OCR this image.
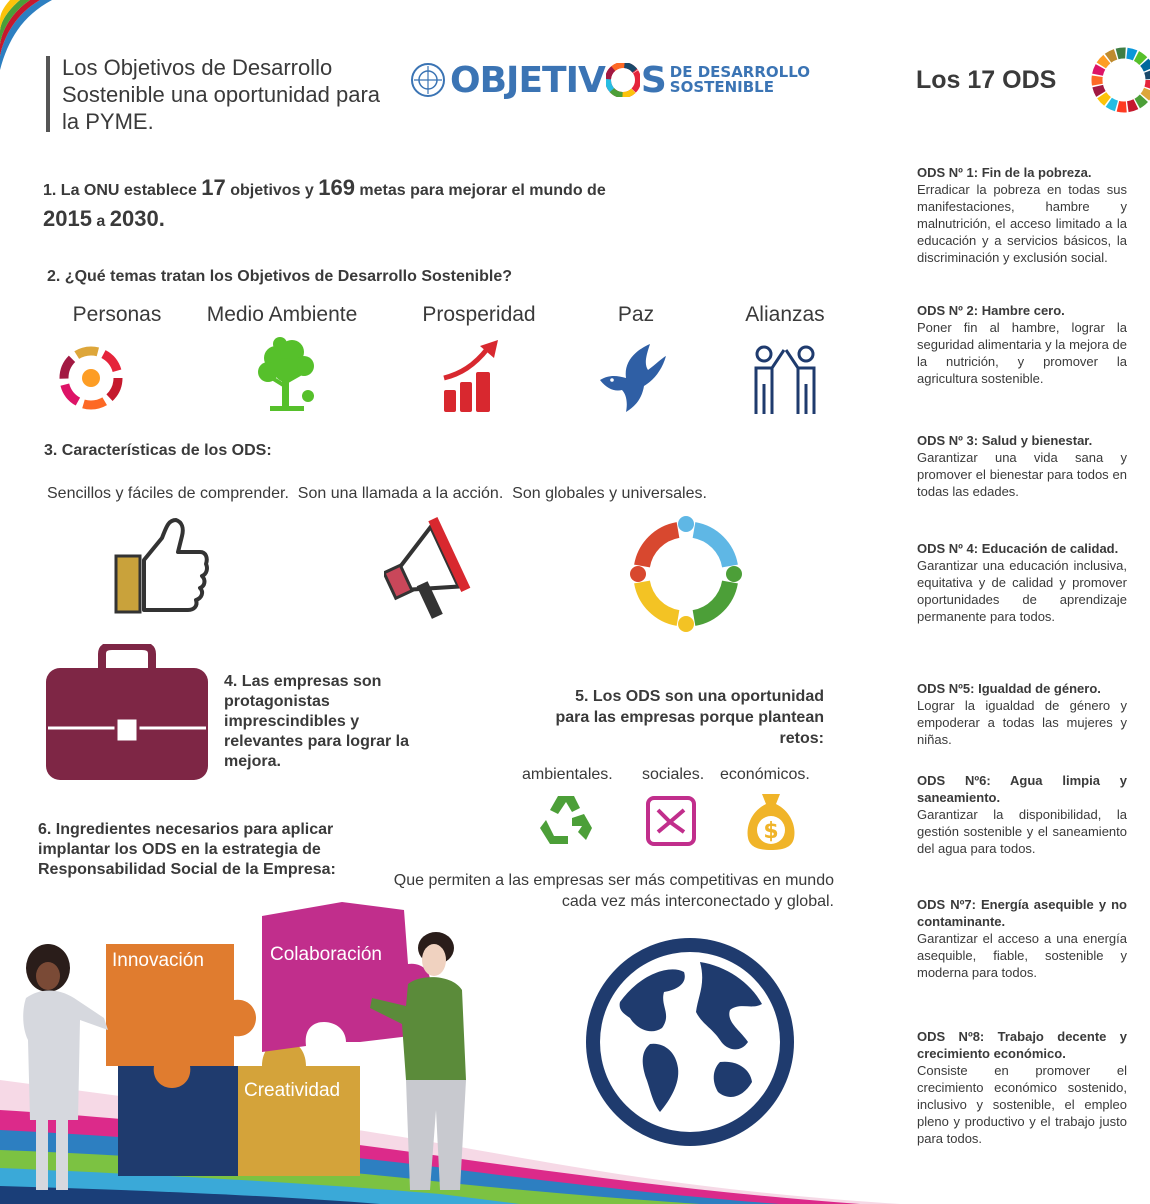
Los Objetivos de Desarrollo Sostenible una oportunidad para la PYME.
OBJETIV S DE DESARROLLO
SOSTENIBLE	Los 17 ODS
1. La ONU establece 17 objetivos y 169 metas para mejorar el mundo de
2015 a 2030.
2. ¿Qué temas tratan los Objetivos de Desarrollo Sostenible?
Personas	Medio Ambiente	Prosperidad	Paz	Alianzas
3. Características de los ODS:
Sencillos y fáciles de comprender.  Son una llamada a la acción.  Son globales y universales.
4. Las empresas son protagonistas imprescindibles y relevantes para lograr la mejora.
5. Los ODS son una oportunidad para las empresas porque plantean retos:
ambientales. sociales. económicos.
$
6. Ingredientes necesarios para aplicar implantar los ODS en la estrategia de Responsabilidad Social de la Empresa:
Que permiten a las empresas ser más competitivas en mundo cada vez más interconectado y global.
Innovación	Colaboración
Creatividad
ODS Nº 1: Fin de la pobreza.
Erradicar la pobreza en todas sus manifestaciones, hambre y malnutrición, el acceso limitado a la educación y a servicios básicos, la discriminación y exclusión social.
ODS Nº 2: Hambre cero.
Poner fin al hambre, lograr la seguridad alimentaria y la mejora de la nutrición, y promover la agricultura sostenible.
ODS Nº 3: Salud y bienestar.
Garantizar una vida sana y promover el bienestar para todos en todas las edades.
ODS Nº 4: Educación de calidad.
Garantizar una educación inclusiva, equitativa y de calidad y promover oportunidades de aprendizaje permanente para todos.
ODS Nº5: Igualdad de género.
Lograr la igualdad de género y empoderar a todas las mujeres y niñas.
ODS Nº6: Agua limpia y saneamiento.
Garantizar la disponibilidad, la gestión sostenible y el saneamiento del agua para todos.
ODS Nº7: Energía asequible y no contaminante.
Garantizar el acceso a una energía asequible, fiable, sostenible y moderna para todos.
ODS Nº8: Trabajo decente y crecimiento económico.
Consiste en promover el crecimiento económico sostenido, inclusivo y sostenible, el empleo pleno y productivo y el trabajo justo para todos.
